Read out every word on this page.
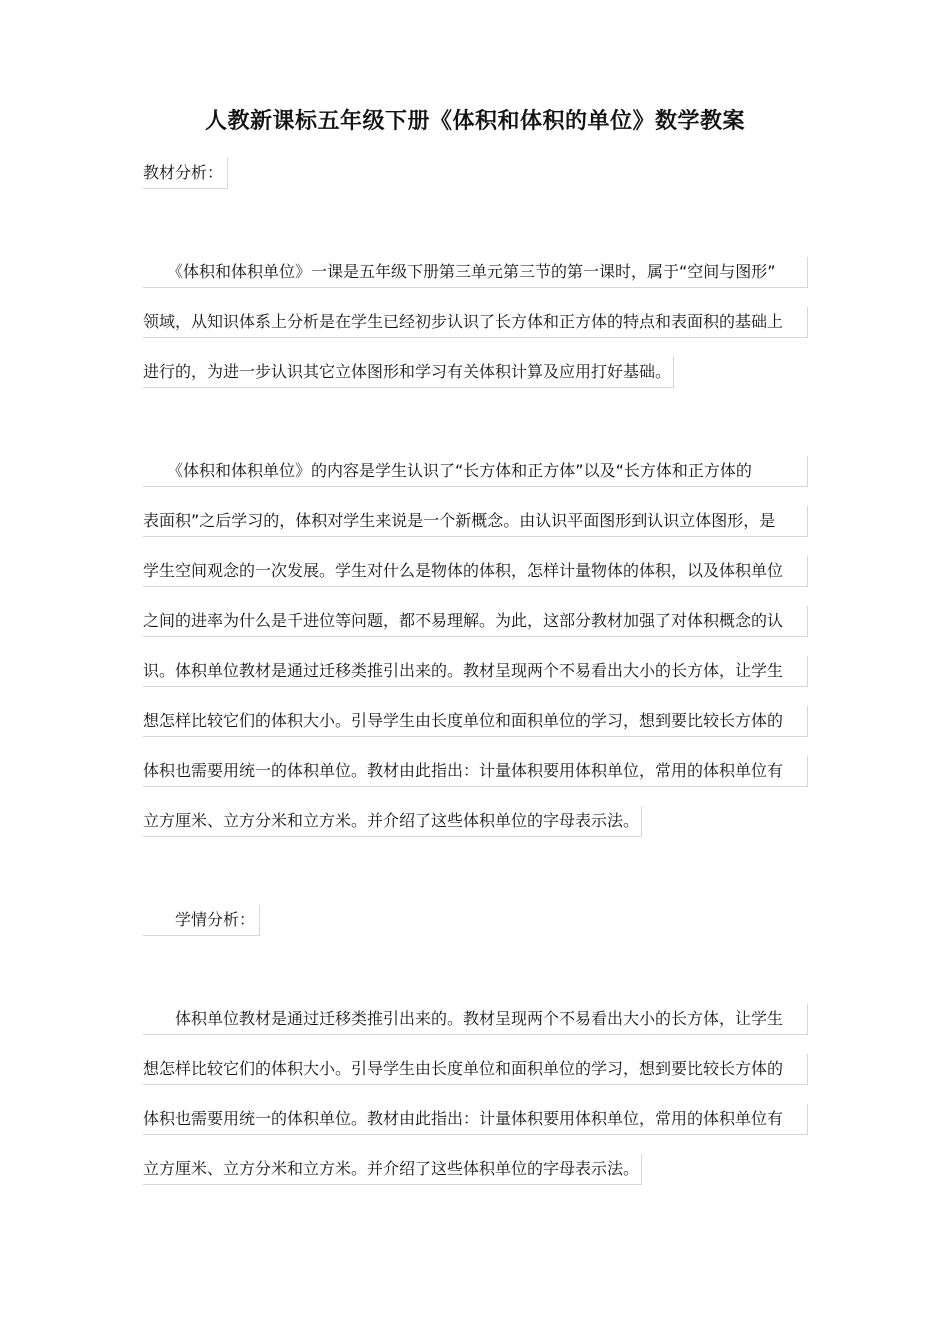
人教新课标五年级下册《体积和体积的单位》数学教案
教材分析：
　　《体积和体积单位》一课是五年级下册第三单元第三节的第一课时，属于“空间与图形”
领域，从知识体系上分析是在学生已经初步认识了长方体和正方体的特点和表面积的基础上
进行的，为进一步认识其它立体图形和学习有关体积计算及应用打好基础。
　　《体积和体积单位》的内容是学生认识了“长方体和正方体”以及“长方体和正方体的
表面积”之后学习的，体积对学生来说是一个新概念。由认识平面图形到认识立体图形，是
学生空间观念的一次发展。学生对什么是物体的体积，怎样计量物体的体积，以及体积单位
之间的进率为什么是千进位等问题，都不易理解。为此，这部分教材加强了对体积概念的认
识。体积单位教材是通过迁移类推引出来的。教材呈现两个不易看出大小的长方体，让学生
想怎样比较它们的体积大小。引导学生由长度单位和面积单位的学习，想到要比较长方体的
体积也需要用统一的体积单位。教材由此指出：计量体积要用体积单位，常用的体积单位有
立方厘米、立方分米和立方米。并介绍了这些体积单位的字母表示法。
　　学情分析：
　　体积单位教材是通过迁移类推引出来的。教材呈现两个不易看出大小的长方体，让学生
想怎样比较它们的体积大小。引导学生由长度单位和面积单位的学习，想到要比较长方体的
体积也需要用统一的体积单位。教材由此指出：计量体积要用体积单位，常用的体积单位有
立方厘米、立方分米和立方米。并介绍了这些体积单位的字母表示法。
